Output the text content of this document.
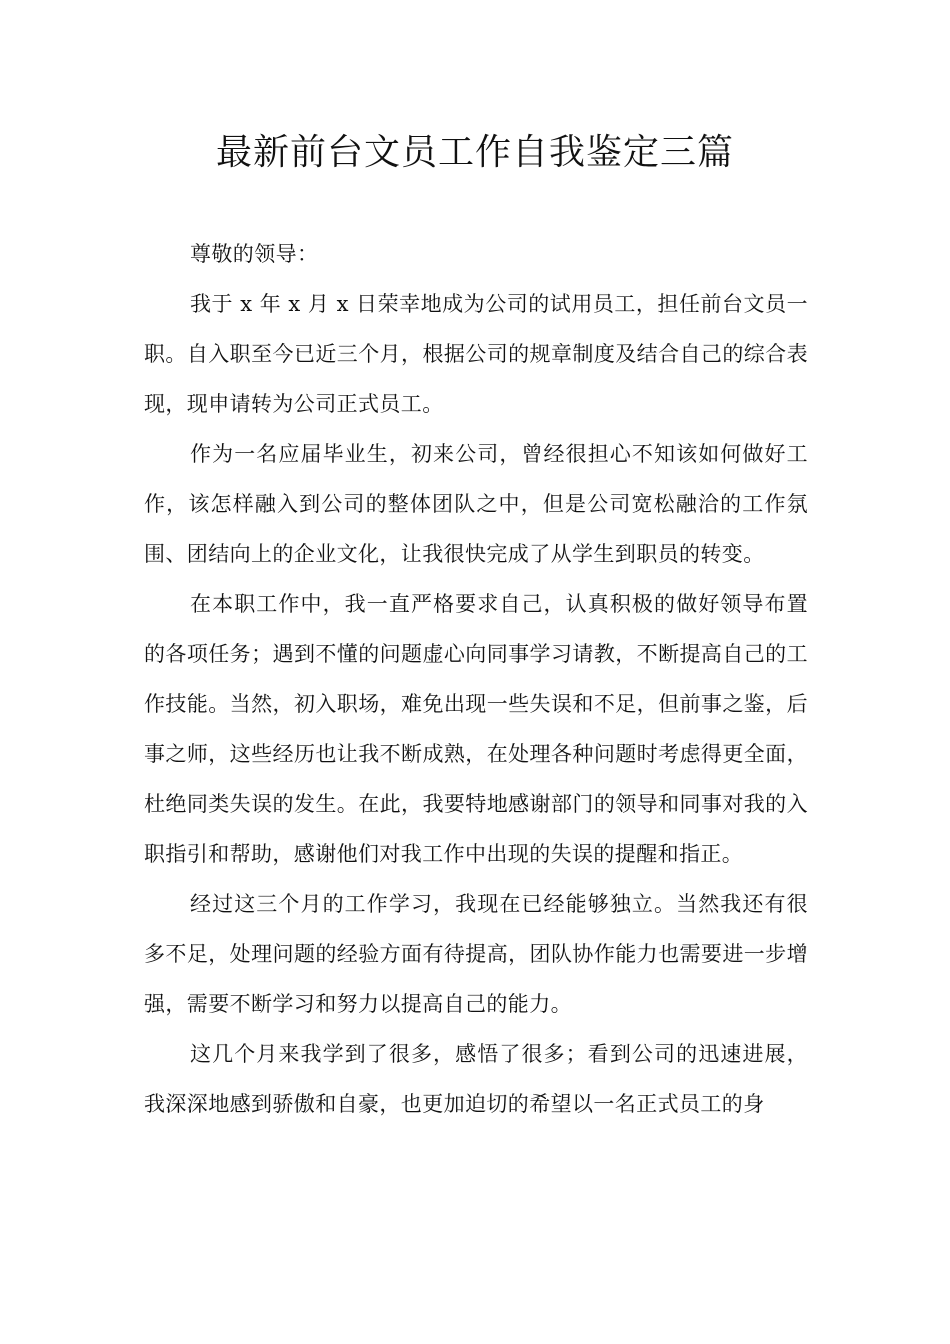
最新前台文员工作自我鉴定三篇

尊敬的领导：

我于 x 年 x 月 x 日荣幸地成为公司的试用员工，担任前台文员一职。自入职至今已近三个月，根据公司的规章制度及结合自己的综合表现，现申请转为公司正式员工。

作为一名应届毕业生，初来公司，曾经很担心不知该如何做好工作，该怎样融入到公司的整体团队之中，但是公司宽松融洽的工作氛围、团结向上的企业文化，让我很快完成了从学生到职员的转变。

在本职工作中，我一直严格要求自己，认真积极的做好领导布置的各项任务；遇到不懂的问题虚心向同事学习请教，不断提高自己的工作技能。当然，初入职场，难免出现一些失误和不足，但前事之鉴，后事之师，这些经历也让我不断成熟，在处理各种问题时考虑得更全面，杜绝同类失误的发生。在此，我要特地感谢部门的领导和同事对我的入职指引和帮助，感谢他们对我工作中出现的失误的提醒和指正。

经过这三个月的工作学习，我现在已经能够独立。当然我还有很多不足，处理问题的经验方面有待提高，团队协作能力也需要进一步增强，需要不断学习和努力以提高自己的能力。

这几个月来我学到了很多，感悟了很多；看到公司的迅速进展，我深深地感到骄傲和自豪，也更加迫切的希望以一名正式员工的身
